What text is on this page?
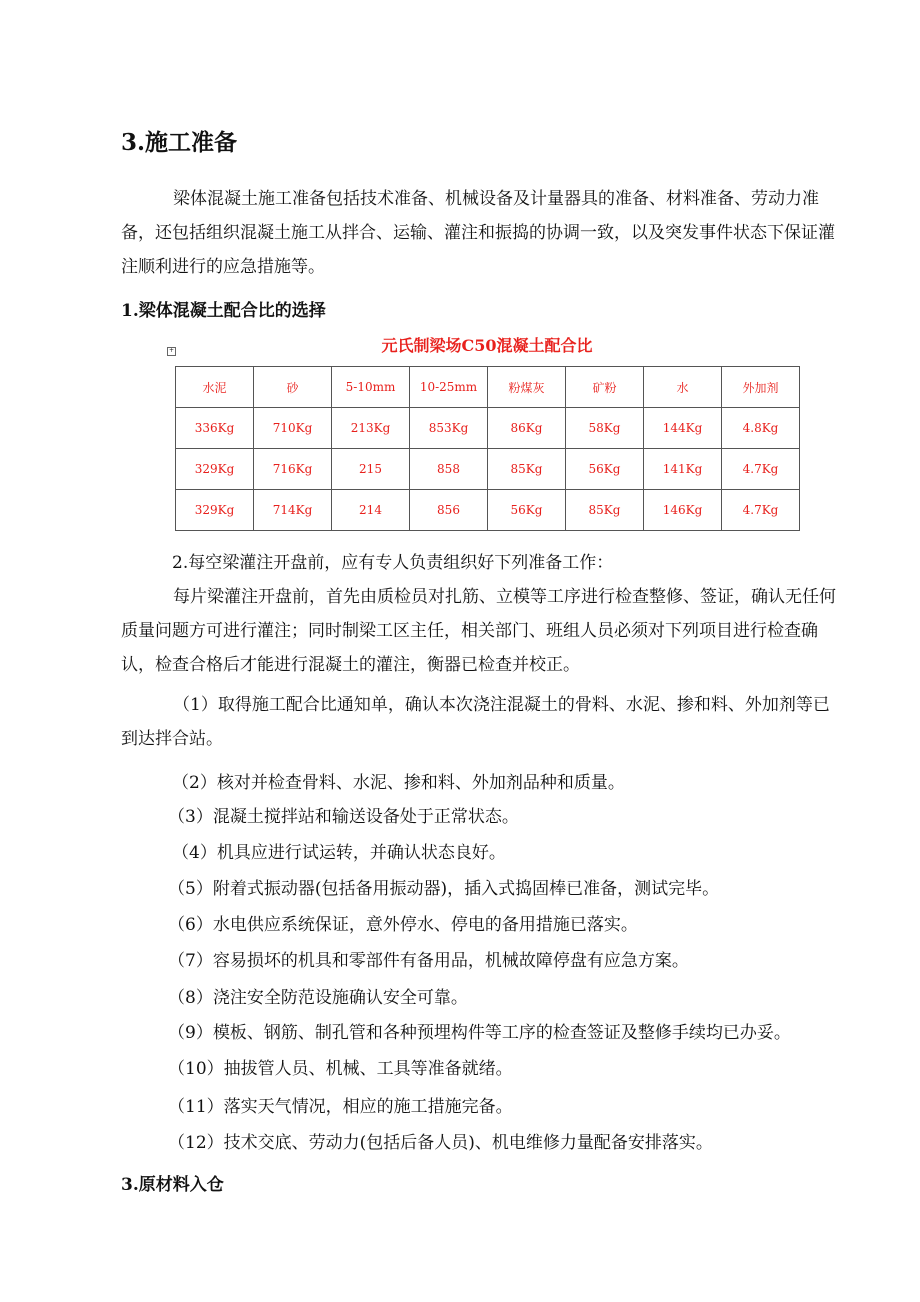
3.施工准备
梁体混凝土施工准备包括技术准备、机械设备及计量器具的准备、材料准备、劳动力准备，还包括组织混凝土施工从拌合、运输、灌注和振捣的协调一致，以及突发事件状态下保证灌注顺利进行的应急措施等。
1.梁体混凝土配合比的选择
元氏制梁场C50混凝土配合比
+
水泥	砂	5-10mm	10-25mm	粉煤灰	矿粉	水	外加剂
336Kg	710Kg	213Kg	853Kg	86Kg	58Kg	144Kg	4.8Kg
329Kg	716Kg	215	858	85Kg	56Kg	141Kg	4.7Kg
329Kg	714Kg	214	856	56Kg	85Kg	146Kg	4.7Kg
2.每空梁灌注开盘前，应有专人负责组织好下列准备工作：
每片梁灌注开盘前，首先由质检员对扎筋、立模等工序进行检查整修、签证，确认无任何质量问题方可进行灌注；同时制梁工区主任，相关部门、班组人员必须对下列项目进行检查确认，检查合格后才能进行混凝土的灌注，衡器已检查并校正。
（1）取得施工配合比通知单，确认本次浇注混凝土的骨料、水泥、掺和料、外加剂等已到达拌合站。
（2）核对并检查骨料、水泥、掺和料、外加剂品种和质量。
（3）混凝土搅拌站和输送设备处于正常状态。
（4）机具应进行试运转，并确认状态良好。
（5）附着式振动器(包括备用振动器)，插入式捣固棒已准备，测试完毕。
（6）水电供应系统保证，意外停水、停电的备用措施已落实。
（7）容易损坏的机具和零部件有备用品，机械故障停盘有应急方案。
（8）浇注安全防范设施确认安全可靠。
（9）模板、钢筋、制孔管和各种预埋构件等工序的检查签证及整修手续均已办妥。
（10）抽拔管人员、机械、工具等准备就绪。
（11）落实天气情况，相应的施工措施完备。
（12）技术交底、劳动力(包括后备人员)、机电维修力量配备安排落实。
3.原材料入仓
